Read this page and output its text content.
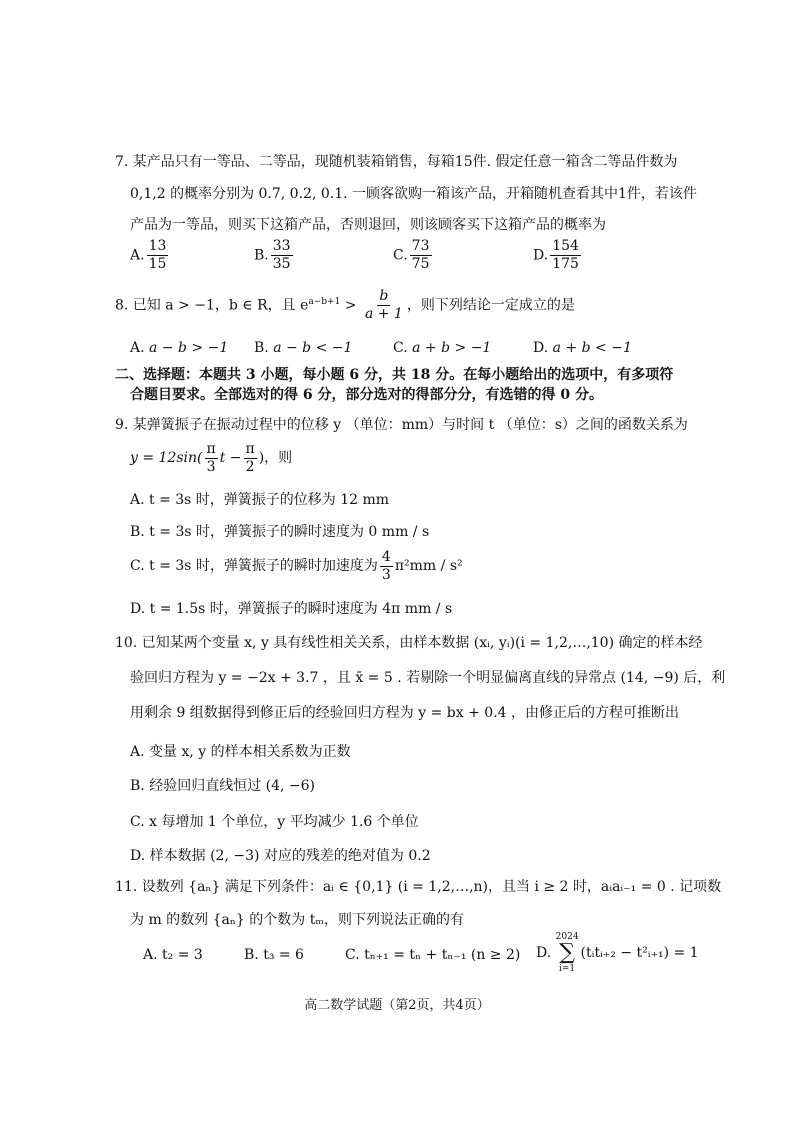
7. 某产品只有一等品、二等品，现随机装箱销售，每箱15件. 假定任意一箱含二等品件数为
0,1,2 的概率分别为 0.7, 0.2, 0.1. 一顾客欲购一箱该产品，开箱随机查看其中1件，若该件
产品为一等品，则买下这箱产品，否则退回，则该顾客买下这箱产品的概率为
A. $\frac{13}{15}$	B. $\frac{33}{35}$	C. $\frac{73}{75}$	D. $\frac{154}{175}$
8. 已知 a > −1，b ∈ R，且 $e^{a-b+1} > \frac{b}{a + 1}$ ，则下列结论一定成立的是
A. a − b > −1 B. a − b < −1	C. a + b > −1	D. a + b < −1
二、选择题：本题共 3 小题，每小题 6 分，共 18 分。在每小题给出的选项中，有多项符
合题目要求。全部选对的得 6 分，部分选对的得部分分，有选错的得 0 分。
9. 某弹簧振子在振动过程中的位移 y （单位：mm）与时间 t （单位：s）之间的函数关系为
$y = 12\sin( \frac{\pi}{3}$ $t - \frac{\pi}{2}$ )，则
A. t = 3s 时，弹簧振子的位移为 12 mm
B. t = 3s 时，弹簧振子的瞬时速度为 0 mm / s
C. t = 3s 时，弹簧振子的瞬时加速度为 $\frac{4}{3} \pi^2mm / s^2$
D. t = 1.5s 时，弹簧振子的瞬时速度为 4π mm / s
10. 已知某两个变量 x, y 具有线性相关关系，由样本数据 (xᵢ, yᵢ)(i = 1,2,…,10) 确定的样本经
验回归方程为 y = −2x + 3.7 ，且 x̄ = 5 . 若剔除一个明显偏离直线的异常点 (14, −9) 后，利
用剩余 9 组数据得到修正后的经验回归方程为 y = bx + 0.4 ，由修正后的方程可推断出
A. 变量 x, y 的样本相关系数为正数
B. 经验回归直线恒过 (4, −6)
C. x 每增加 1 个单位，y 平均减少 1.6 个单位
D. 样本数据 (2, −3) 对应的残差的绝对值为 0.2
11. 设数列 {aₙ} 满足下列条件：aᵢ ∈ {0,1} (i = 1,2,…,n)，且当 i ≥ 2 时，aᵢaᵢ₋₁ = 0 . 记项数
为 m 的数列 {aₙ} 的个数为 tₘ，则下列说法正确的有
A. t₂ = 3	B. t₃ = 6	C. tₙ₊₁ = tₙ + tₙ₋₁ (n ≥ 2) D.
2024
∑
i=1
(tᵢtᵢ₊₂ − t²ᵢ₊₁) = 1
高二数学试题（第2页，共4页）
